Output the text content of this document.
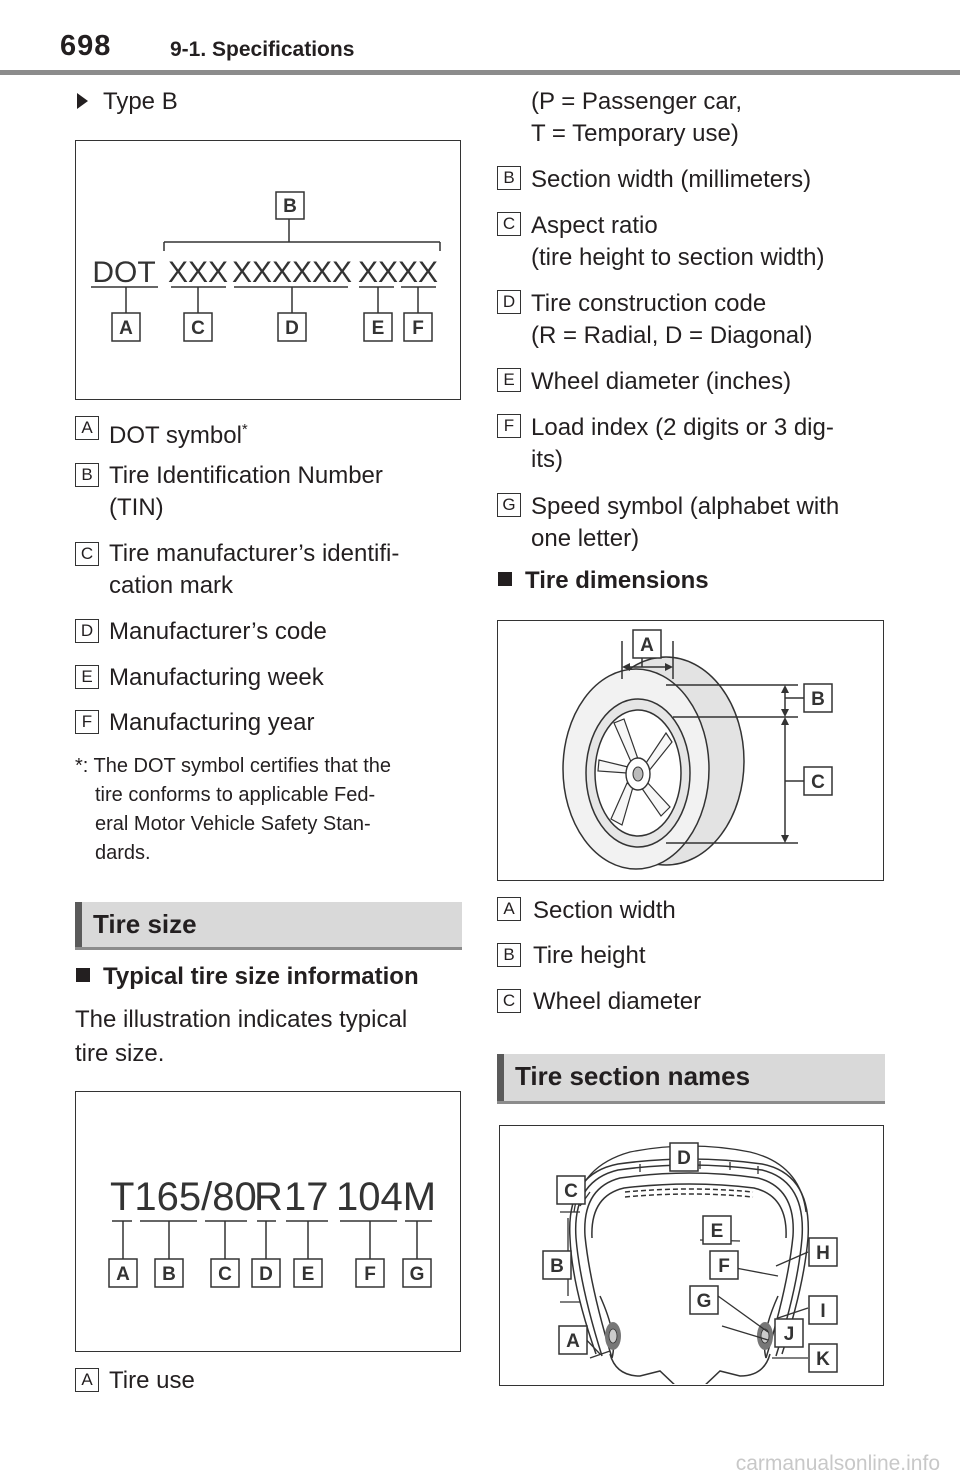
698	9-1. Specifications
Type B
DOT XXX XXXXXX XXXX
B
A	C	D	E F
A DOT symbol*
B Tire Identification Number
(TIN)
C Tire manufacturer’s identifi-
cation mark
D Manufacturer’s code
E Manufacturing week
F Manufacturing year
*: The DOT symbol certifies that the
tire conforms to applicable Fed-
eral Motor Vehicle Safety Stan-
dards.
Tire size
Typical tire size information
The illustration indicates typical
tire size.
T165/80
R 17 104M
A B C D E	F G
A Tire use
(P = Passenger car,
T = Temporary use)
B Section width (millimeters)
C Aspect ratio
(tire height to section width)
D Tire construction code
(R = Radial, D = Diagonal)
E Wheel diameter (inches)
F Load index (2 digits or 3 dig-
its)
G Speed symbol (alphabet with
one letter)
Tire dimensions
A
B
C
A Section width
B Tire height
C Wheel diameter
Tire section names
D
C
E
H
B	F
G	I
J
A
K
carmanualsonline.info
